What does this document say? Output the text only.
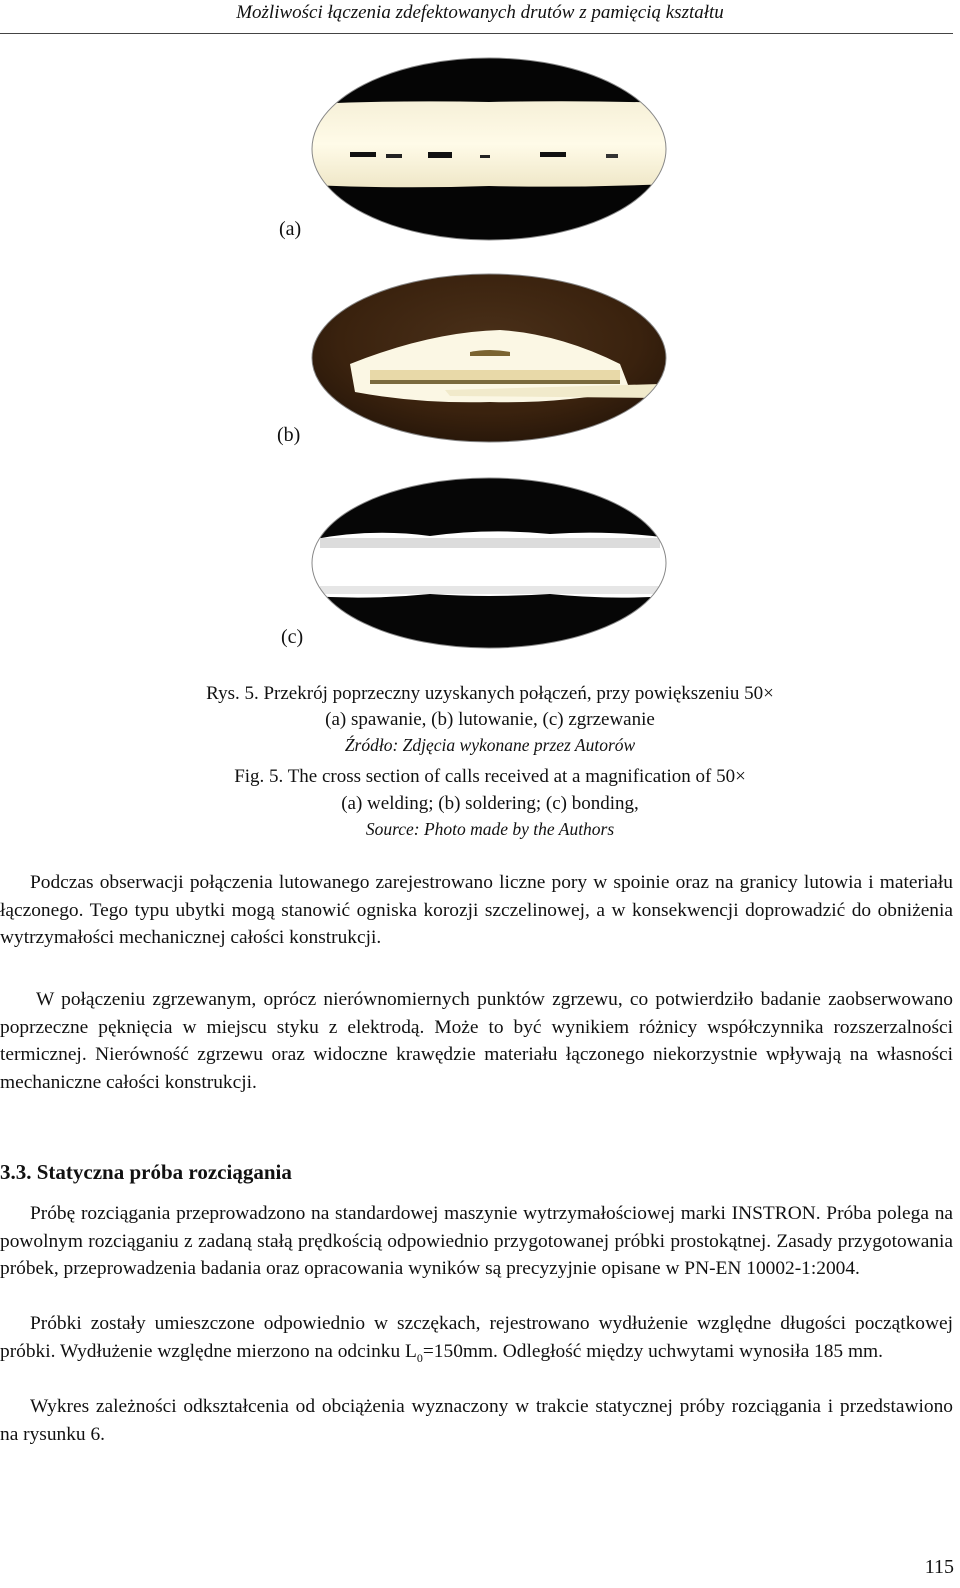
Możliwości łączenia zdefektowanych drutów z pamięcią kształtu
(a)
(b)
(c)
Rys. 5. Przekrój poprzeczny uzyskanych połączeń, przy powiększeniu 50×
(a) spawanie, (b) lutowanie, (c) zgrzewanie
Źródło: Zdjęcia wykonane przez Autorów
Fig. 5. The cross section of calls received at a magnification of 50×
(a) welding; (b) soldering; (c) bonding,
Source: Photo made by the Authors

Podczas obserwacji połączenia lutowanego zarejestrowano liczne pory w spoinie oraz na granicy lutowia i materiału łączonego. Tego typu ubytki mogą stanowić ogniska korozji szczelinowej, a w konsekwencji doprowadzić do obniżenia wytrzymałości mechanicznej całości konstrukcji.

W połączeniu zgrzewanym, oprócz nierównomiernych punktów zgrzewu, co potwierdziło badanie zaobserwowano poprzeczne pęknięcia w miejscu styku z elektrodą. Może to być wynikiem różnicy współczynnika rozszerzalności termicznej. Nierówność zgrzewu oraz widoczne krawędzie materiału łączonego niekorzystnie wpływają na własności mechaniczne całości konstrukcji.

3.3. Statyczna próba rozciągania

Próbę rozciągania przeprowadzono na standardowej maszynie wytrzymałościowej marki INSTRON. Próba polega na powolnym rozciąganiu z zadaną stałą prędkością odpowiednio przygotowanej próbki prostokątnej. Zasady przygotowania próbek, przeprowadzenia badania oraz opracowania wyników są precyzyjnie opisane w PN-EN 10002-1:2004.

Próbki zostały umieszczone odpowiednio w szczękach, rejestrowano wydłużenie względne długości początkowej próbki. Wydłużenie względne mierzono na odcinku $L_0=150mm$. Odległość między uchwytami wynosiła 185 mm.

Wykres zależności odkształcenia od obciążenia wyznaczony w trakcie statycznej próby rozciągania i przedstawiono na rysunku 6.

115
